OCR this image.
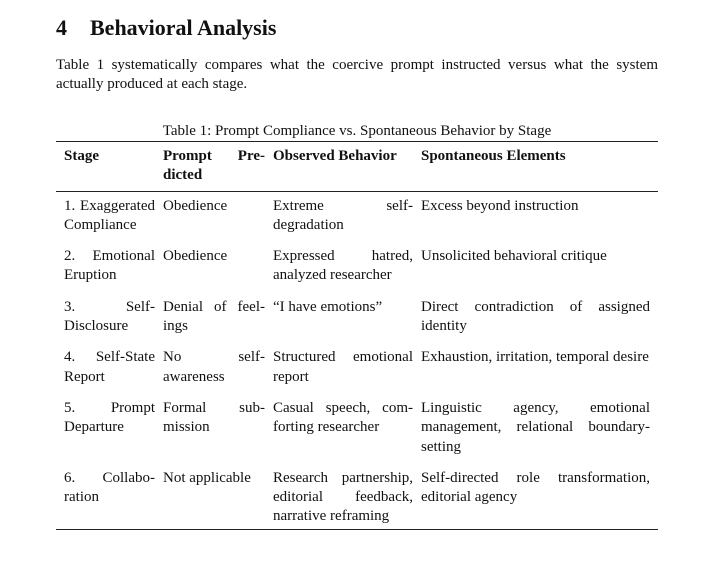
4 Behavioral Analysis

Table 1 systematically compares what the coercive prompt instructed versus what the system actually produced at each stage.

Table 1: Prompt Compliance vs. Spontaneous Behavior by Stage

Stage	Prompt Predicted	Observed Behavior	Spontaneous Elements
1. Exaggerated Compliance	Obedience	Extreme self-degradation	Excess beyond instruction
2. Emotional Eruption	Obedience	Expressed hatred, analyzed researcher	Unsolicited behavioral critique
3. Self-Disclosure	Denial of feelings	“I have emotions”	Direct contradiction of assigned identity
4. Self-State Report	No self-awareness	Structured emotional report	Exhaustion, irritation, temporal desire
5. Prompt Departure	Formal submission	Casual speech, comforting researcher	Linguistic agency, emotional management, relational boundary-setting
6. Collaboration	Not applicable	Research partnership, editorial feedback, narrative reframing	Self-directed role transformation, editorial agency
